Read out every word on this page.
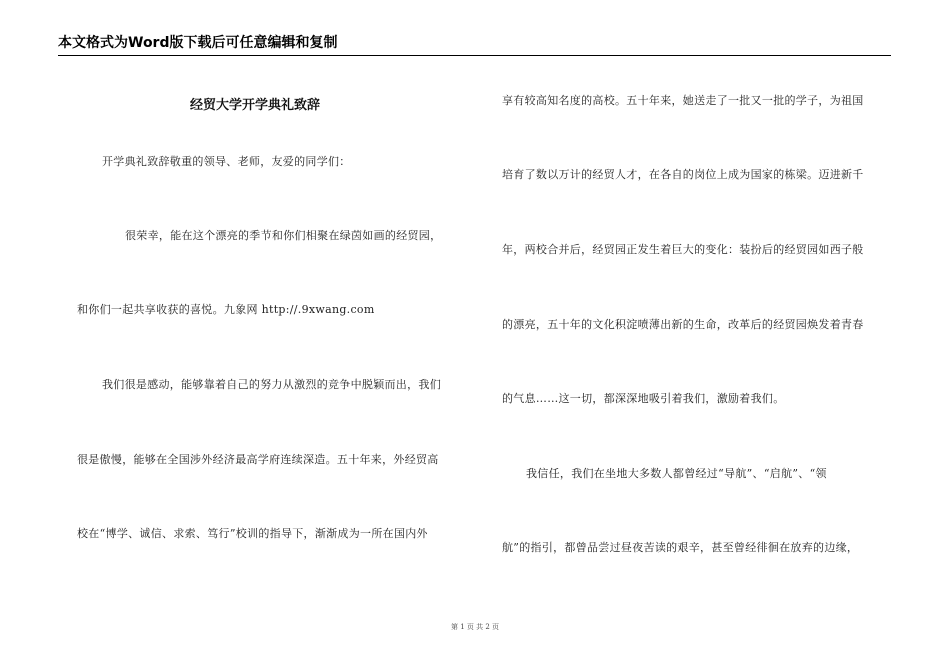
本文格式为Word版下载后可任意编辑和复制
经贸大学开学典礼致辞
开学典礼致辞敬重的领导、老师，友爱的同学们：
很荣幸，能在这个漂亮的季节和你们相聚在绿茵如画的经贸园，
和你们一起共享收获的喜悦。九象网 http://.9xwang.com
我们很是感动，能够靠着自己的努力从激烈的竞争中脱颖而出，我们
很是傲慢，能够在全国涉外经济最高学府连续深造。五十年来，外经贸高
校在“博学、诚信、求索、笃行”校训的指导下，渐渐成为一所在国内外
享有较高知名度的高校。五十年来，她送走了一批又一批的学子，为祖国
培育了数以万计的经贸人才，在各自的岗位上成为国家的栋梁。迈进新千
年，两校合并后，经贸园正发生着巨大的变化：装扮后的经贸园如西子般
的漂亮，五十年的文化积淀喷薄出新的生命，改革后的经贸园焕发着青春
的气息……这一切，都深深地吸引着我们，激励着我们。
我信任，我们在坐地大多数人都曾经过“导航”、“启航”、“领
航”的指引，都曾品尝过昼夜苦读的艰辛，甚至曾经徘徊在放弃的边缘，
第 1 页 共 2 页
